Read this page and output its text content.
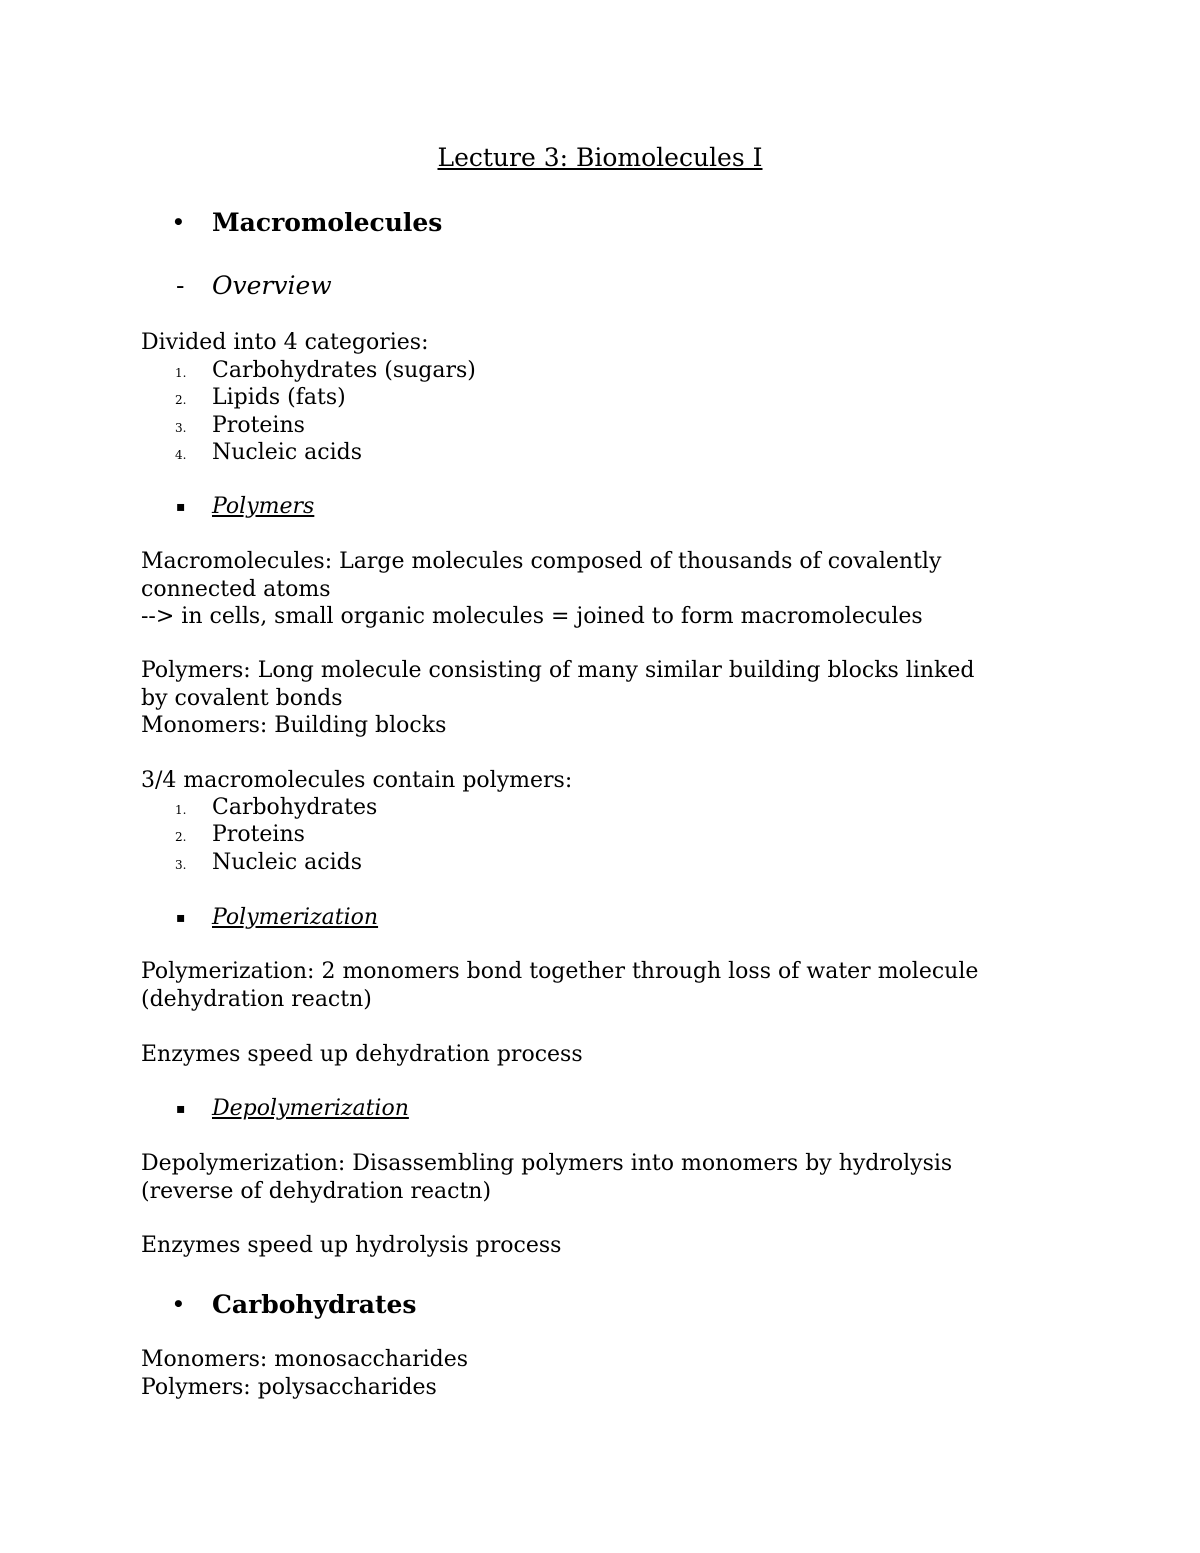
Lecture 3: Biomolecules I
• Macromolecules
- Overview
Divided into 4 categories:
1. Carbohydrates (sugars)
2. Lipids (fats)
3. Proteins
4. Nucleic acids
▪ Polymers
Macromolecules: Large molecules composed of thousands of covalently
connected atoms
--> in cells, small organic molecules = joined to form macromolecules
Polymers: Long molecule consisting of many similar building blocks linked
by covalent bonds
Monomers: Building blocks
3/4 macromolecules contain polymers:
1. Carbohydrates
2. Proteins
3. Nucleic acids
▪ Polymerization
Polymerization: 2 monomers bond together through loss of water molecule
(dehydration reactn)
Enzymes speed up dehydration process
▪ Depolymerization
Depolymerization: Disassembling polymers into monomers by hydrolysis
(reverse of dehydration reactn)
Enzymes speed up hydrolysis process
• Carbohydrates
Monomers: monosaccharides
Polymers: polysaccharides
